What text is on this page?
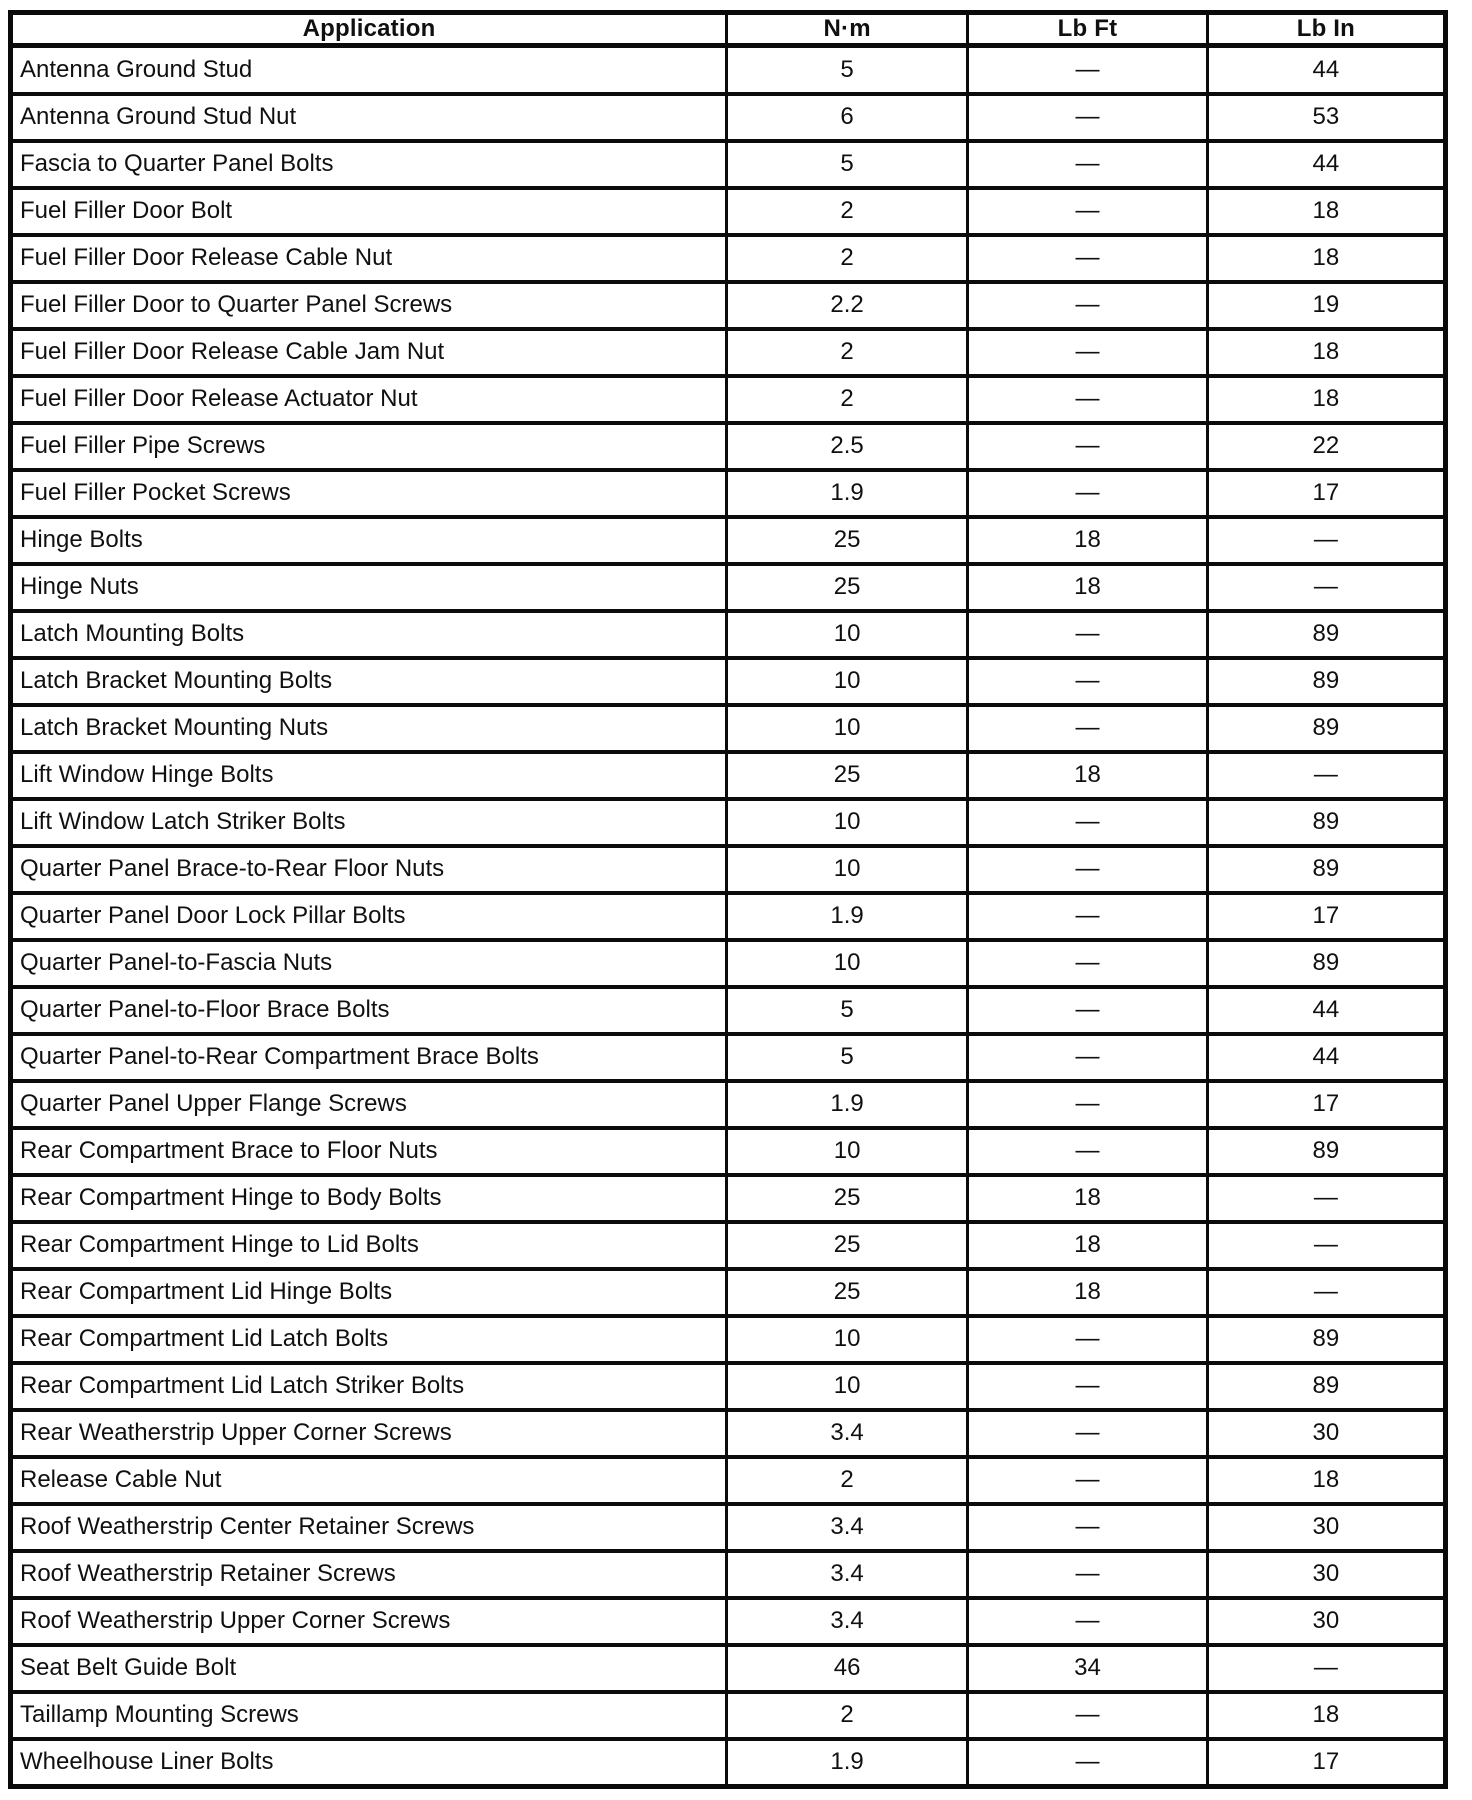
Application	N·m	Lb Ft	Lb In
Antenna Ground Stud	5	—	44
Antenna Ground Stud Nut	6	—	53
Fascia to Quarter Panel Bolts	5	—	44
Fuel Filler Door Bolt	2	—	18
Fuel Filler Door Release Cable Nut	2	—	18
Fuel Filler Door to Quarter Panel Screws	2.2	—	19
Fuel Filler Door Release Cable Jam Nut	2	—	18
Fuel Filler Door Release Actuator Nut	2	—	18
Fuel Filler Pipe Screws	2.5	—	22
Fuel Filler Pocket Screws	1.9	—	17
Hinge Bolts	25	18	—
Hinge Nuts	25	18	—
Latch Mounting Bolts	10	—	89
Latch Bracket Mounting Bolts	10	—	89
Latch Bracket Mounting Nuts	10	—	89
Lift Window Hinge Bolts	25	18	—
Lift Window Latch Striker Bolts	10	—	89
Quarter Panel Brace-to-Rear Floor Nuts	10	—	89
Quarter Panel Door Lock Pillar Bolts	1.9	—	17
Quarter Panel-to-Fascia Nuts	10	—	89
Quarter Panel-to-Floor Brace Bolts	5	—	44
Quarter Panel-to-Rear Compartment Brace Bolts	5	—	44
Quarter Panel Upper Flange Screws	1.9	—	17
Rear Compartment Brace to Floor Nuts	10	—	89
Rear Compartment Hinge to Body Bolts	25	18	—
Rear Compartment Hinge to Lid Bolts	25	18	—
Rear Compartment Lid Hinge Bolts	25	18	—
Rear Compartment Lid Latch Bolts	10	—	89
Rear Compartment Lid Latch Striker Bolts	10	—	89
Rear Weatherstrip Upper Corner Screws	3.4	—	30
Release Cable Nut	2	—	18
Roof Weatherstrip Center Retainer Screws	3.4	—	30
Roof Weatherstrip Retainer Screws	3.4	—	30
Roof Weatherstrip Upper Corner Screws	3.4	—	30
Seat Belt Guide Bolt	46	34	—
Taillamp Mounting Screws	2	—	18
Wheelhouse Liner Bolts	1.9	—	17
